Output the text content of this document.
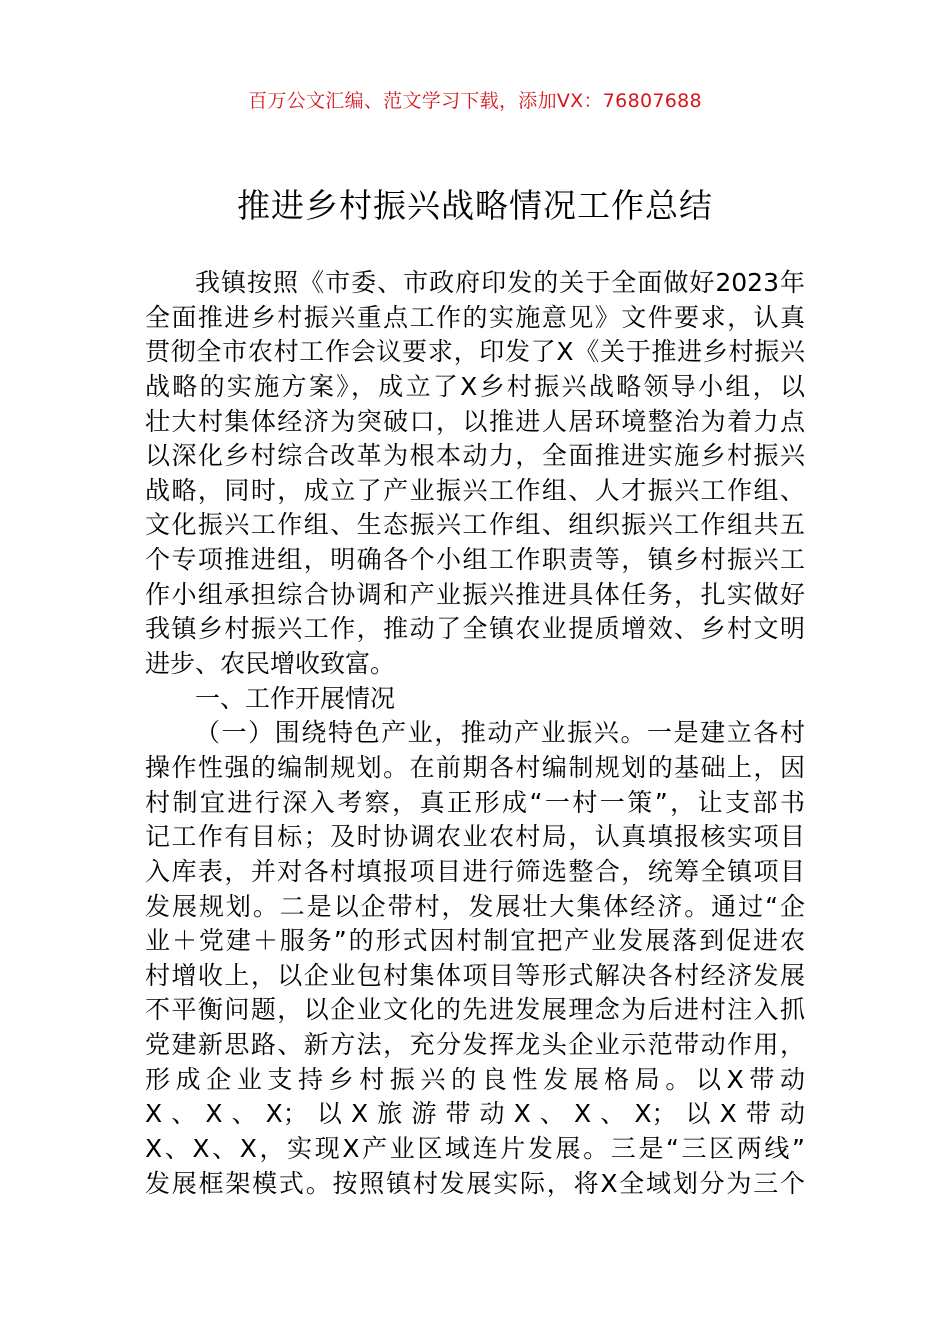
百万公文汇编、范文学习下载，添加VX：76807688
推进乡村振兴战略情况工作总结
我镇按照《市委、市政府印发的关于全面做好2023年
全面推进乡村振兴重点工作的实施意见》文件要求，认真
贯彻全市农村工作会议要求，印发了X《关于推进乡村振兴
战略的实施方案》，成立了X乡村振兴战略领导小组，以
壮大村集体经济为突破口，以推进人居环境整治为着力点
以深化乡村综合改革为根本动力，全面推进实施乡村振兴
战略，同时，成立了产业振兴工作组、人才振兴工作组、
文化振兴工作组、生态振兴工作组、组织振兴工作组共五
个专项推进组，明确各个小组工作职责等，镇乡村振兴工
作小组承担综合协调和产业振兴推进具体任务，扎实做好
我镇乡村振兴工作，推动了全镇农业提质增效、乡村文明
进步、农民增收致富。
一、工作开展情况
（一）围绕特色产业，推动产业振兴。一是建立各村
操作性强的编制规划。在前期各村编制规划的基础上，因
村制宜进行深入考察，真正形成“一村一策”，让支部书
记工作有目标；及时协调农业农村局，认真填报核实项目
入库表，并对各村填报项目进行筛选整合，统筹全镇项目
发展规划。二是以企带村，发展壮大集体经济。通过“企
业＋党建＋服务”的形式因村制宜把产业发展落到促进农
村增收上，以企业包村集体项目等形式解决各村经济发展
不平衡问题，以企业文化的先进发展理念为后进村注入抓
党建新思路、新方法，充分发挥龙头企业示范带动作用，
形成企业支持乡村振兴的良性发展格局。以X带动
X、X、X；以X旅游带动X、X、X；以X带动
X、X、X，实现X产业区域连片发展。三是“三区两线”
发展框架模式。按照镇村发展实际，将X全域划分为三个
